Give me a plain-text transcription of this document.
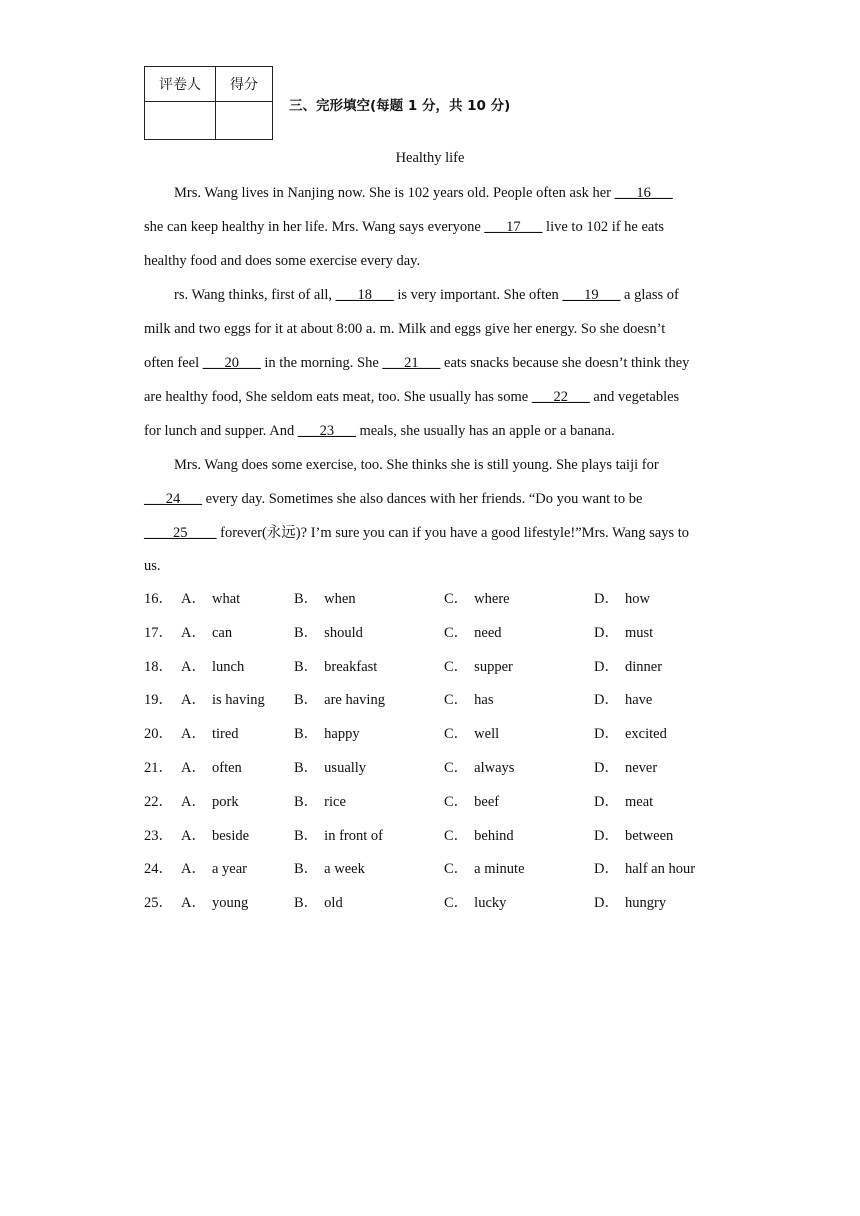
评卷人	得分

三、完形填空(每题 1 分，共 10 分)
Healthy life
Mrs. Wang lives in Nanjing now. She is 102 years old. People often ask her ___16___
she can keep healthy in her life. Mrs. Wang says everyone ___17___ live to 102 if he eats
healthy food and does some exercise every day.
rs. Wang thinks, first of all, ___18___ is very important. She often ___19___ a glass of
milk and two eggs for it at about 8:00 a. m. Milk and eggs give her energy. So she doesn’t
often feel ___20___ in the morning. She ___21___ eats snacks because she doesn’t think they
are healthy food, She seldom eats meat, too. She usually has some ___22___ and vegetables
for lunch and supper. And ___23___ meals, she usually has an apple or a banana.
Mrs. Wang does some exercise, too. She thinks she is still young. She plays taiji for
___24___ every day. Sometimes she also dances with her friends. “Do you want to be
____25____ forever(永远)? I’m sure you can if you have a good lifestyle!”Mrs. Wang says to
us.
16． A． what	B． when	C． where	D． how
17． A． can	B． should	C． need	D． must
18． A． lunch	B． breakfast	C． supper	D． dinner
19． A． is having B． are having	C． has	D． have
20． A． tired	B． happy	C． well	D． excited
21． A． often	B． usually	C． always	D． never
22． A． pork	B． rice	C． beef	D． meat
23． A． beside	B． in front of	C． behind	D． between
24． A． a year	B． a week	C． a minute	D． half an hour
25． A． young	B． old	C． lucky	D． hungry
